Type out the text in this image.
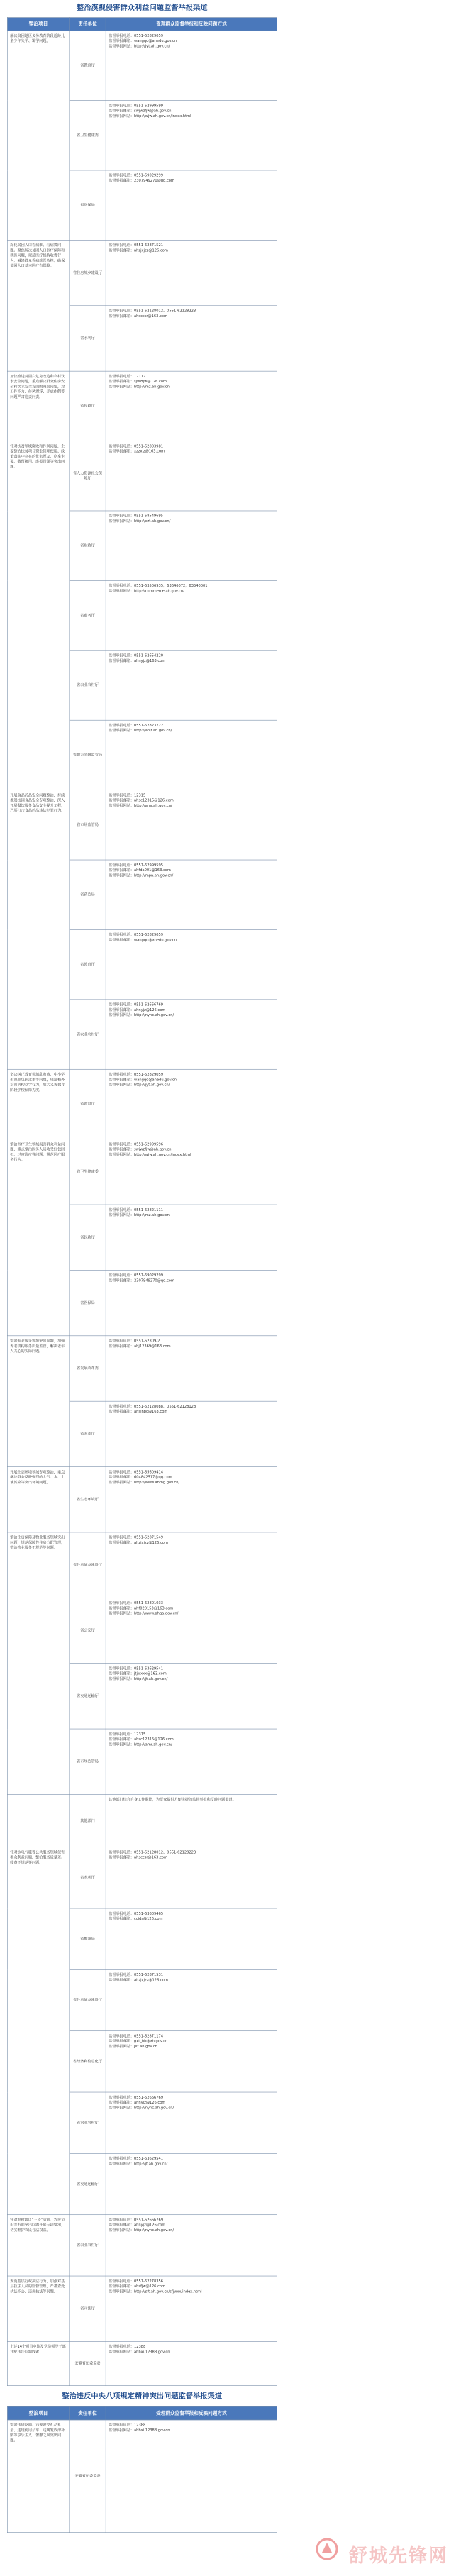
整治漠视侵害群众利益问题监督举报渠道
整治项目	责任单位	受理群众监督举报和反映问题方式
解决贫困地区义务教育阶段适龄儿童少年失学、辍学问题。	省教育厅	监督举报电话：0551-62829059
监督举报邮箱：wangqq@ahedu.gov.cn
监督举报网站：http://jyt.ah.gov.cn/

	省卫生健康委	监督举报电话：0551-62999599
监督举报邮箱：swjwzfjw@ah.gov.cn
监督举报网站：http://wjw.ah.gov.cn/index.html

	省医保局	监督举报电话：0551-69029299
监督举报邮箱：2307949270@qq.com

深化贫困人口看病难、看病贵问题。聚焦解决贫困人口医疗保障和就医问题，规范医疗机构收费行为，减轻群众看病就医负担，确保贫困人口基本医疗有保障。	省住房城乡建设厅	监督举报电话：0551-62871521
监督举报邮箱：ahzjxjzz@126.com

	省水利厅	监督举报电话：0551-62128012、0551-62128223
监督举报邮箱：ahsccsr@163.com

加快推进贫困户危房改造和农村饮水安全问题，重点解决群众住房安全和饮水安全方面的突出问题，对工作不力、作风漂浮、弄虚作假等问题严肃追责问责。	省民政厅	监督举报电话：12117
监督举报邮箱：sjwzfjw@126.com
监督举报网站：http://mz.ah.gov.cn

针对扶贫领域腐败和作风问题，主要整治扶贫项目资金管理使用、政策落实中存在的优亲厚友、吃拿卡要、截留挪用、虚报冒领等突出问题。	省人力资源社会保障厅	监督举报电话：0551-62803981
监督举报邮箱：xzzxjz@163.com

	省财政厅	监督举报电话：0551-68549695
监督举报网站：http://czt.ah.gov.cn/

	省商务厅	监督举报电话：0551-63506935，63646072，63540001
监督举报网站：http://commerce.ah.gov.cn/

	省农业农村厅	监督举报电话：0551-62654220
监督举报邮箱：ahnyjz@163.com

	省地方金融监管局	监督举报电话：0551-62823722
监督举报网站：http://ahjr.ah.gov.cn/

开展食品药品安全问题整治，持续推进校园食品安全专项整治，深入开展餐饮服务食品安全提升工程，严厉打击食品药品违法犯罪行为。	省市场监管局	监督举报电话：12315
监督举报邮箱：ahsc12315@126.com
监督举报网站：http://amr.ah.gov.cn/

	省药监局	监督举报电话：0551-62999595
监督举报邮箱：ahfda001@163.com
监督举报网站：http://mpa.ah.gov.cn/

	省教育厅	监督举报电话：0551-62829059
监督举报邮箱：wangqq@ahedu.gov.cn

	省农业农村厅	监督举报电话：0551-62666769
监督举报邮箱：ahnyjz@126.com
监督举报网站：http://nync.ah.gov.cn/

坚决纠正教育领域乱收费、中小学生课业负担过重等问题，规范校外培训机构办学行为，加大义务教育阶段学校保障力度。	省教育厅	监督举报电话：0551-62829059
监督举报邮箱：wangqq@ahedu.gov.cn
监督举报网站：http://jyt.ah.gov.cn/

整治医疗卫生领域损害群众利益问题，重点整治医务人员收受红包回扣、过度诊疗等问题，规范医疗服务行为。	省卫生健康委	监督举报电话：0551-62999596
监督举报邮箱：swjwzfjw@ah.gov.cn
监督举报网站：http://wjw.ah.gov.cn/index.html

	省民政厅	监督举报电话：0551-62821111
监督举报网站：http://mz.ah.gov.cn

	省医保局	监督举报电话：0551-69029299
监督举报邮箱：2307949270@qq.com

整治养老服务领域突出问题，加强养老机构服务质量监管，解决老年人关心的实际问题。	省发展改革委	监督举报电话：0551-62309-2
监督举报邮箱：ahj12369@163.com

	省水利厅	监督举报电话：0551-62128088、0551-62128128
监督举报邮箱：ahslhbc@163.com

开展生态环境领域专项整治，重点解决群众反映强烈的大气、水、土壤污染等突出环境问题。	省生态环境厅	监督举报电话：0551-65609414
监督举报邮箱：604842517@qq.com
监督举报网站：http://www.ahmg.gov.cn/

整治住房保障及物业服务领域突出问题，规范保障性住房分配管理，整治物业服务不规范等问题。	省住房城乡建设厅	监督举报电话：0551-62871549
监督举报邮箱：ahzjxjzz@126.com

	省公安厅	监督举报电话：0551-62801033
监督举报邮箱：ahf020153@163.com
监督举报网站：http://www.ahga.gov.cn/

	省交通运输厅	监督举报电话：0551-63629541
监督举报邮箱：jtjwxxx@163.com
监督举报网站：http://jt.ah.gov.cn/

	省市场监管局	监督举报电话：12315
监督举报邮箱：ahsc12315@126.com
监督举报网站：http://amr.ah.gov.cn/

	其他部门	其他部门结合自身工作职能，为群众提供方便快捷的监督举报和反映问题渠道。

针对水电气暖等公共服务领域侵害群众利益问题，整治服务质量差、收费不规范等问题。	省水利厅	监督举报电话：0551-62128012、0551-62128223
监督举报邮箱：ahsccsr@163.com

	省能源局	监督举报电话：0551-63609465
监督举报邮箱：ccjds@126.com

	省住房城乡建设厅	监督举报电话：0551-62871531
监督举报邮箱：ahzjxjzz@126.com

	省经济和信息化厅	监督举报电话：0551-62871174
监督举报邮箱：gxt_hh@ah.gov.cn
监督举报网站：jxt.ah.gov.cn

	省农业农村厅	监督举报电话：0551-62666769
监督举报邮箱：ahnyjz@126.com
监督举报网站：http://nync.ah.gov.cn/

	省交通运输厅	监督举报电话：0551-63629541
监督举报网站：http://jt.ah.gov.cn/

针对农村地区“三资”管理、农民负担等方面突出问题开展专项整治，切实维护农民合法权益。	省农业农村厅	监督举报电话：0551-62666769
监督举报邮箱：ahnyjz@126.com
监督举报网站：http://nync.ah.gov.cn/

规范基层行政执法行为，加强对基层执法人员的监督管理，严肃查处执法不公、违规执法等问题。	省司法厅	监督举报电话：0551-62278356
监督举报邮箱：ahsfjw@126.com
监督举报网站：http://sft.ah.gov.cn/sfjwxx/index.html

上述14个项目中涉及党员领导干部违纪违法问题线索	安徽省纪委监委	监督举报电话：12388
监督举报网站：ahbxi.12388.gov.cn
整治违反中央八项规定精神突出问题监督举报渠道
整治项目	责任单位	受理群众监督举报和反映问题方式
整治违规吃喝、违规收受礼品礼金、违规使用公车、违规发放津补贴等享乐主义、奢靡之风突出问题。	安徽省纪委监委	监督举报电话：12388
监督举报网站：ahbxi.12388.gov.cn
舒城先锋网
